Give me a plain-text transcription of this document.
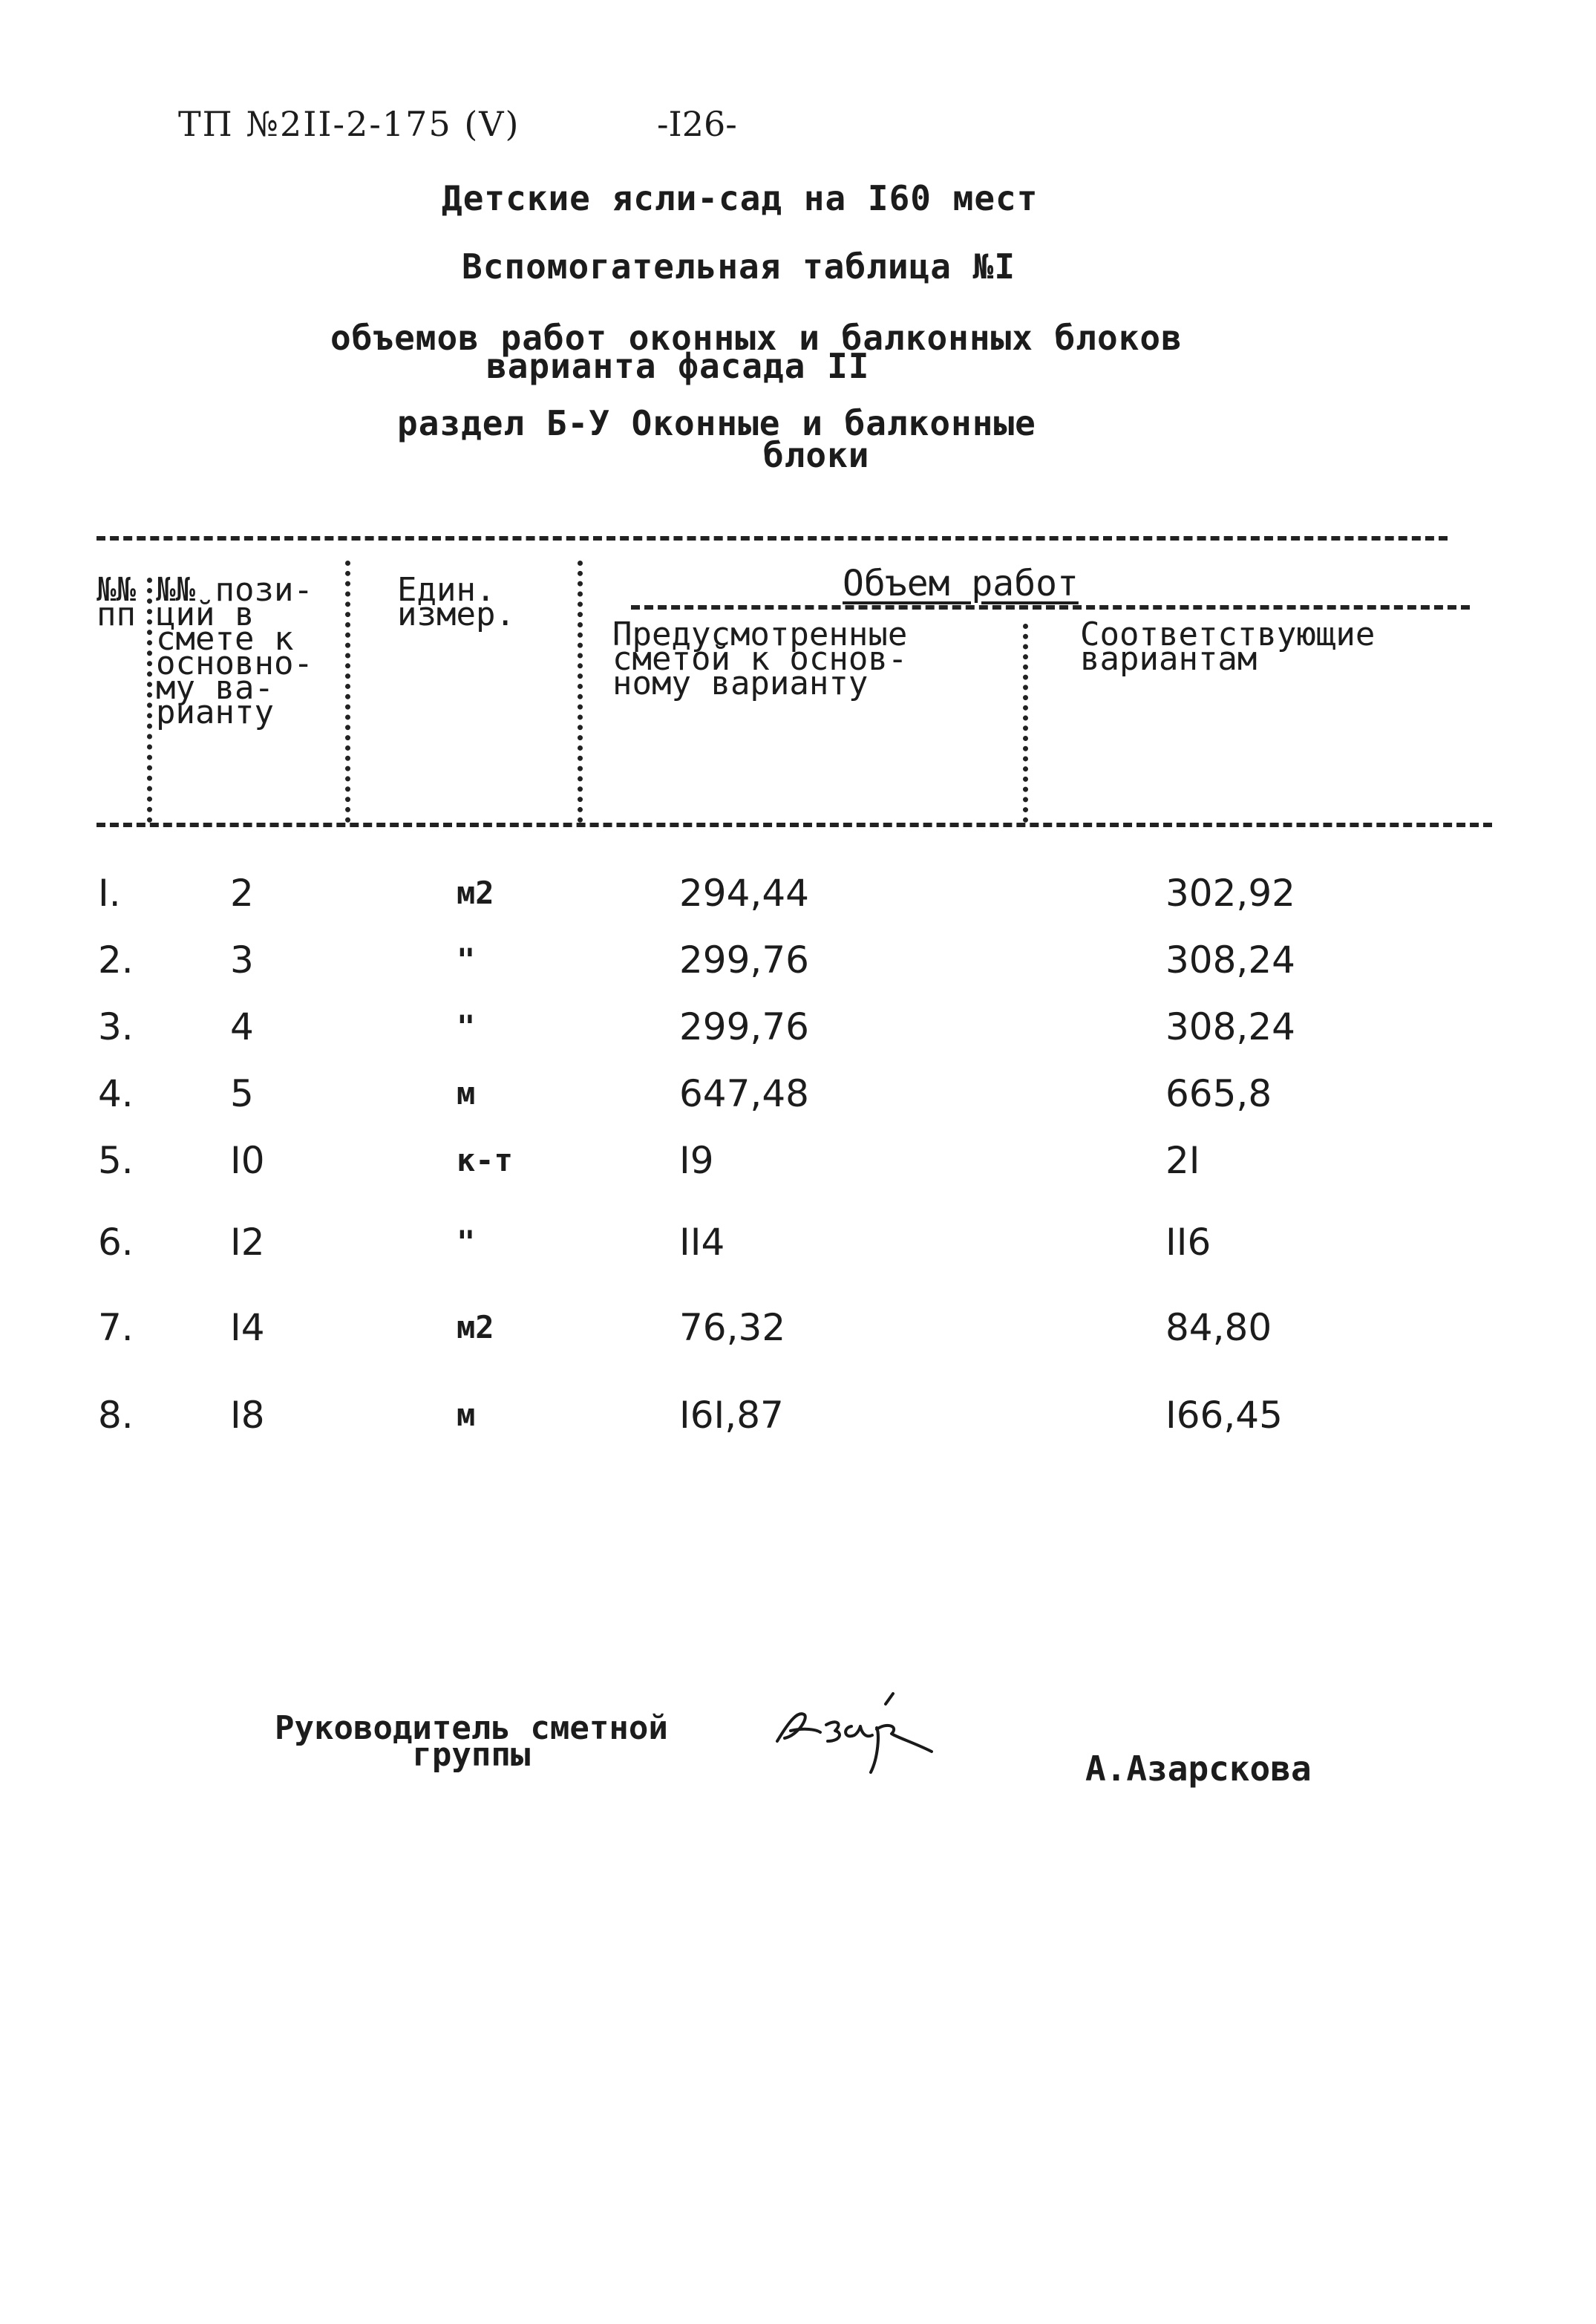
ТП №2II-2-175 (V)	-I26-
Детские ясли-сад на I60 мест
Вспомогательная таблица №I
объемов работ оконных и балконных блоков
варианта фасада II
раздел Б-У Оконные и балконные
блоки
№№
пп
№№ пози-
ций в
смете к
основно-
му ва-
рианту
Един.
измер.
Объем работ
Предусмотренные
сметой к основ-
ному варианту
Соответствующие
вариантам
I.	2	м2	294,44	302,92
2.	3	"	299,76	308,24
3.	4	"	299,76	308,24
4.	5	м	647,48	665,8
5.	I0	к-т	I9	2I
6.	I2	"	II4	II6
7.	I4	м2	76,32	84,80
8.	I8	м	I6I,87	I66,45
Руководитель сметной
группы	А.Азарскова
